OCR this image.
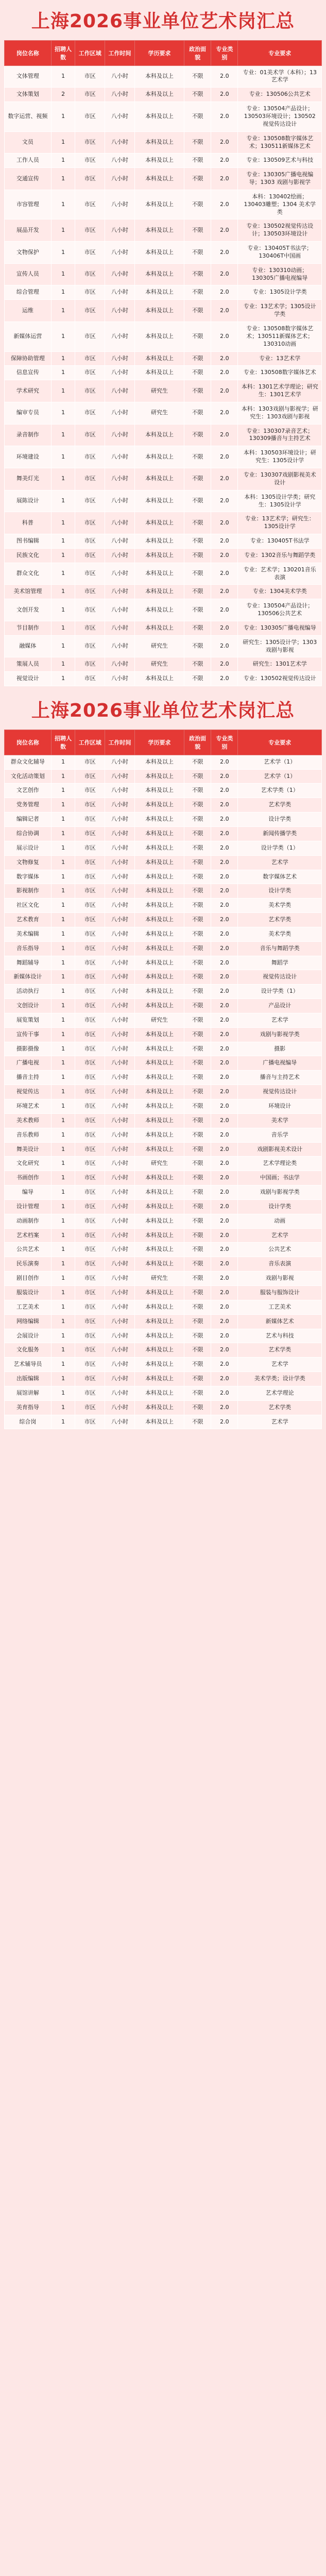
上海2026事业单位艺术岗汇总
岗位名称	招聘人数	工作区域	工作时间	学历要求	政治面貌	专业类别	专业要求
文体管理	1	市区	八小时	本科及以上	不限	2.0	专业：01美术学（本科）；13 艺术学
文体策划	2	市区	八小时	本科及以上	不限	2.0	专业：130506公共艺术
数字运营、视频	1	市区	八小时	本科及以上	不限	2.0	专业：130504产品设计；130503环境设计；130502视觉传达设计
文员	1	市区	八小时	本科及以上	不限	2.0	专业：130508数字媒体艺术；130511新媒体艺术
工作人员	1	市区	八小时	本科及以上	不限	2.0	专业：130509艺术与科技
交通宣传	1	市区	八小时	本科及以上	不限	2.0	专业：130305广播电视编导；1303 戏剧与影视学
市容管理	1	市区	八小时	本科及以上	不限	2.0	本科：130402绘画；130403雕塑；1304 美术学类
展品开发	1	市区	八小时	本科及以上	不限	2.0	专业：130502视觉传达设计；130503环境设计
文物保护	1	市区	八小时	本科及以上	不限	2.0	专业：130405T书法学；130406T中国画
宣传人员	1	市区	八小时	本科及以上	不限	2.0	专业：130310动画；130305广播电视编导
综合管理	1	市区	八小时	本科及以上	不限	2.0	专业：1305设计学类
运维	1	市区	八小时	本科及以上	不限	2.0	专业：13艺术学；1305设计学类
新媒体运营	1	市区	八小时	本科及以上	不限	2.0	专业：130508数字媒体艺术；130511新媒体艺术；130310动画
保障协助管理	1	市区	八小时	本科及以上	不限	2.0	专业：13艺术学
信息宣传	1	市区	八小时	本科及以上	不限	2.0	专业：130508数字媒体艺术
学术研究	1	市区	八小时	研究生	不限	2.0	本科：1301艺术学理论；研究生：1301艺术学
编审专员	1	市区	八小时	研究生	不限	2.0	本科：1303戏剧与影视学；研究生：1303戏剧与影视
录音制作	1	市区	八小时	本科及以上	不限	2.0	专业：130307录音艺术；130309播音与主持艺术
环境建设	1	市区	八小时	本科及以上	不限	2.0	本科：130503环境设计；研究生：1305设计学
舞美灯光	1	市区	八小时	本科及以上	不限	2.0	专业：130307戏剧影视美术设计
展陈设计	1	市区	八小时	本科及以上	不限	2.0	本科：1305设计学类；研究生：1305设计学
科普	1	市区	八小时	本科及以上	不限	2.0	专业：13艺术学；研究生：1305设计学
图书编辑	1	市区	八小时	本科及以上	不限	2.0	专业：130405T书法学
民族文化	1	市区	八小时	本科及以上	不限	2.0	专业：1302音乐与舞蹈学类
群众文化	1	市区	八小时	本科及以上	不限	2.0	专业：艺术学；130201音乐表演
美术馆管理	1	市区	八小时	本科及以上	不限	2.0	专业：1304美术学类
文创开发	1	市区	八小时	本科及以上	不限	2.0	专业：130504产品设计；130506公共艺术
节目制作	1	市区	八小时	本科及以上	不限	2.0	专业：130305广播电视编导
融媒体	1	市区	八小时	研究生	不限	2.0	研究生：1305设计学；1303戏剧与影视
策展人员	1	市区	八小时	研究生	不限	2.0	研究生：1301艺术学
视觉设计	1	市区	八小时	本科及以上	不限	2.0	专业：130502视觉传达设计
上海2026事业单位艺术岗汇总
岗位名称	招聘人数	工作区域	工作时间	学历要求	政治面貌	专业类别	专业要求
群众文化辅导	1	市区	八小时	本科及以上	不限	2.0	艺术学（1）
文化活动策划	1	市区	八小时	本科及以上	不限	2.0	艺术学（1）
文艺创作	1	市区	八小时	本科及以上	不限	2.0	艺术学类（1）
党务管理	1	市区	八小时	本科及以上	不限	2.0	艺术学类
编辑记者	1	市区	八小时	本科及以上	不限	2.0	设计学类
综合协调	1	市区	八小时	本科及以上	不限	2.0	新闻传播学类
展示设计	1	市区	八小时	本科及以上	不限	2.0	设计学类（1）
文物修复	1	市区	八小时	本科及以上	不限	2.0	艺术学
数字媒体	1	市区	八小时	本科及以上	不限	2.0	数字媒体艺术
影视制作	1	市区	八小时	本科及以上	不限	2.0	设计学类
社区文化	1	市区	八小时	本科及以上	不限	2.0	美术学类
艺术教育	1	市区	八小时	本科及以上	不限	2.0	艺术学类
美术编辑	1	市区	八小时	本科及以上	不限	2.0	美术学类
音乐指导	1	市区	八小时	本科及以上	不限	2.0	音乐与舞蹈学类
舞蹈辅导	1	市区	八小时	本科及以上	不限	2.0	舞蹈学
新媒体设计	1	市区	八小时	本科及以上	不限	2.0	视觉传达设计
活动执行	1	市区	八小时	本科及以上	不限	2.0	设计学类（1）
文创设计	1	市区	八小时	本科及以上	不限	2.0	产品设计
展览策划	1	市区	八小时	研究生	不限	2.0	艺术学
宣传干事	1	市区	八小时	本科及以上	不限	2.0	戏剧与影视学类
摄影摄像	1	市区	八小时	本科及以上	不限	2.0	摄影
广播电视	1	市区	八小时	本科及以上	不限	2.0	广播电视编导
播音主持	1	市区	八小时	本科及以上	不限	2.0	播音与主持艺术
视觉传达	1	市区	八小时	本科及以上	不限	2.0	视觉传达设计
环境艺术	1	市区	八小时	本科及以上	不限	2.0	环境设计
美术教师	1	市区	八小时	本科及以上	不限	2.0	美术学
音乐教师	1	市区	八小时	本科及以上	不限	2.0	音乐学
舞美设计	1	市区	八小时	本科及以上	不限	2.0	戏剧影视美术设计
文化研究	1	市区	八小时	研究生	不限	2.0	艺术学理论类
书画创作	1	市区	八小时	本科及以上	不限	2.0	中国画；书法学
编导	1	市区	八小时	本科及以上	不限	2.0	戏剧与影视学类
设计管理	1	市区	八小时	本科及以上	不限	2.0	设计学类
动画制作	1	市区	八小时	本科及以上	不限	2.0	动画
艺术档案	1	市区	八小时	本科及以上	不限	2.0	艺术学
公共艺术	1	市区	八小时	本科及以上	不限	2.0	公共艺术
民乐演奏	1	市区	八小时	本科及以上	不限	2.0	音乐表演
剧目创作	1	市区	八小时	研究生	不限	2.0	戏剧与影视
服装设计	1	市区	八小时	本科及以上	不限	2.0	服装与服饰设计
工艺美术	1	市区	八小时	本科及以上	不限	2.0	工艺美术
网络编辑	1	市区	八小时	本科及以上	不限	2.0	新媒体艺术
会展设计	1	市区	八小时	本科及以上	不限	2.0	艺术与科技
文化服务	1	市区	八小时	本科及以上	不限	2.0	艺术学类
艺术辅导员	1	市区	八小时	本科及以上	不限	2.0	艺术学
出版编辑	1	市区	八小时	本科及以上	不限	2.0	美术学类；设计学类
展馆讲解	1	市区	八小时	本科及以上	不限	2.0	艺术学理论
美育指导	1	市区	八小时	本科及以上	不限	2.0	艺术学类
综合岗	1	市区	八小时	本科及以上	不限	2.0	艺术学
